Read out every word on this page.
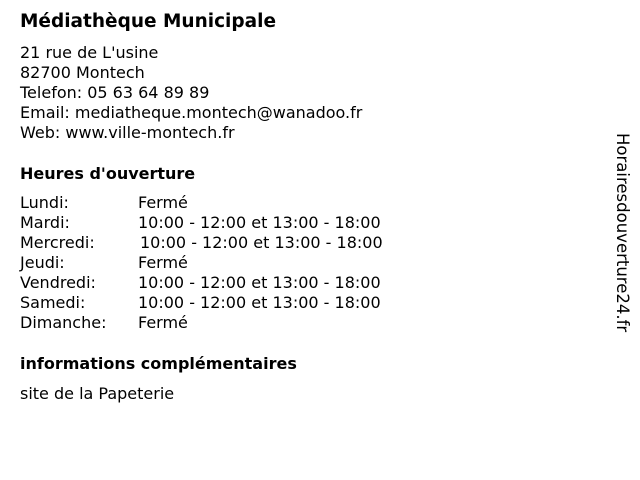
Médiathèque Municipale
21 rue de L'usine
82700 Montech
Telefon: 05 63 64 89 89
Email: mediatheque.montech@wanadoo.fr
Web: www.ville-montech.fr
Heures d'ouverture
Lundi:	Fermé
Mardi:	10:00 - 12:00 et 13:00 - 18:00
Mercredi:	10:00 - 12:00 et 13:00 - 18:00
Jeudi:	Fermé
Vendredi:	10:00 - 12:00 et 13:00 - 18:00
Samedi:	10:00 - 12:00 et 13:00 - 18:00
Dimanche: Fermé
informations complémentaires
site de la Papeterie
Horairesdouverture24.fr
